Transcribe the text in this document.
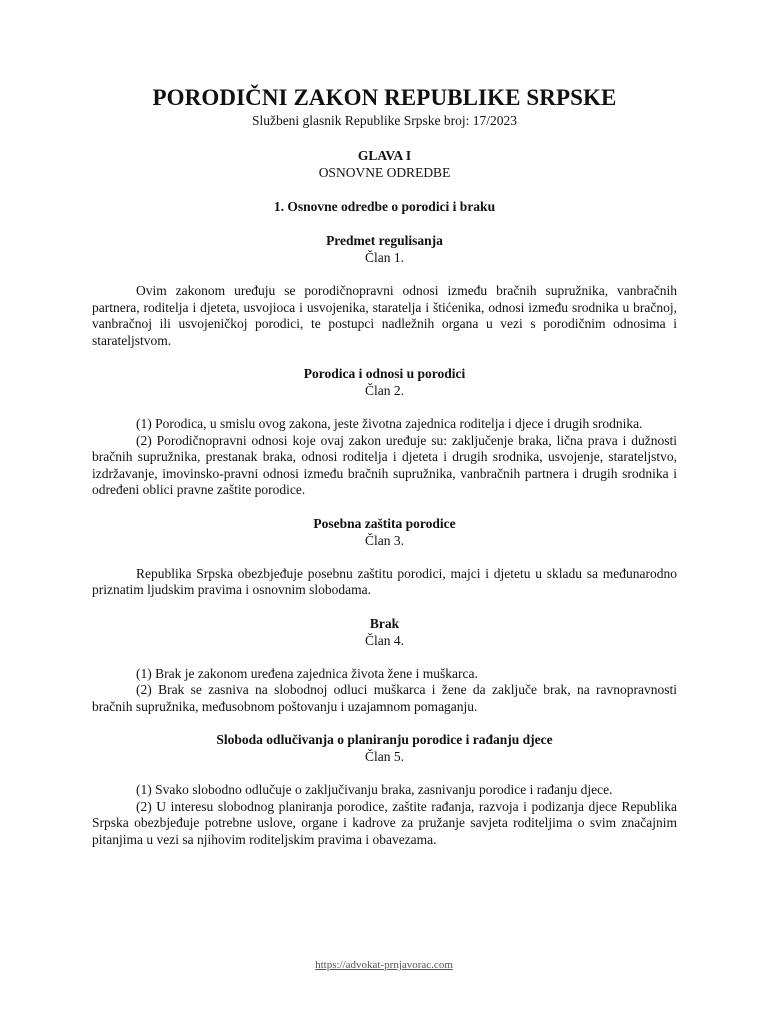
PORODIČNI ZAKON REPUBLIKE SRPSKE

Službeni glasnik Republike Srpske broj: 17/2023

GLAVA I

OSNOVNE ODREDBE

1. Osnovne odredbe o porodici i braku

Predmet regulisanja

Član 1.

Ovim zakonom uređuju se porodičnopravni odnosi između bračnih supružnika, vanbračnih partnera, roditelja i djeteta, usvojioca i usvojenika, staratelja i štićenika, odnosi između srodnika u bračnoj, vanbračnoj ili usvojeničkoj porodici, te postupci nadležnih organa u vezi s porodičnim odnosima i starateljstvom.

Porodica i odnosi u porodici

Član 2.

(1) Porodica, u smislu ovog zakona, jeste životna zajednica roditelja i djece i drugih srodnika.

(2) Porodičnopravni odnosi koje ovaj zakon uređuje su: zaključenje braka, lična prava i dužnosti bračnih supružnika, prestanak braka, odnosi roditelja i djeteta i drugih srodnika, usvojenje, starateljstvo, izdržavanje, imovinsko-pravni odnosi između bračnih supružnika, vanbračnih partnera i drugih srodnika i određeni oblici pravne zaštite porodice.

Posebna zaštita porodice

Član 3.

Republika Srpska obezbjeđuje posebnu zaštitu porodici, majci i djetetu u skladu sa međunarodno priznatim ljudskim pravima i osnovnim slobodama.

Brak

Član 4.

(1) Brak je zakonom uređena zajednica života žene i muškarca.

(2) Brak se zasniva na slobodnoj odluci muškarca i žene da zaključe brak, na ravnopravnosti bračnih supružnika, međusobnom poštovanju i uzajamnom pomaganju.

Sloboda odlučivanja o planiranju porodice i rađanju djece

Član 5.

(1) Svako slobodno odlučuje o zaključivanju braka, zasnivanju porodice i rađanju djece.

(2) U interesu slobodnog planiranja porodice, zaštite rađanja, razvoja i podizanja djece Republika Srpska obezbjeđuje potrebne uslove, organe i kadrove za pružanje savjeta roditeljima o svim značajnim pitanjima u vezi sa njihovim roditeljskim pravima i obavezama.

https://advokat-prnjavorac.com
